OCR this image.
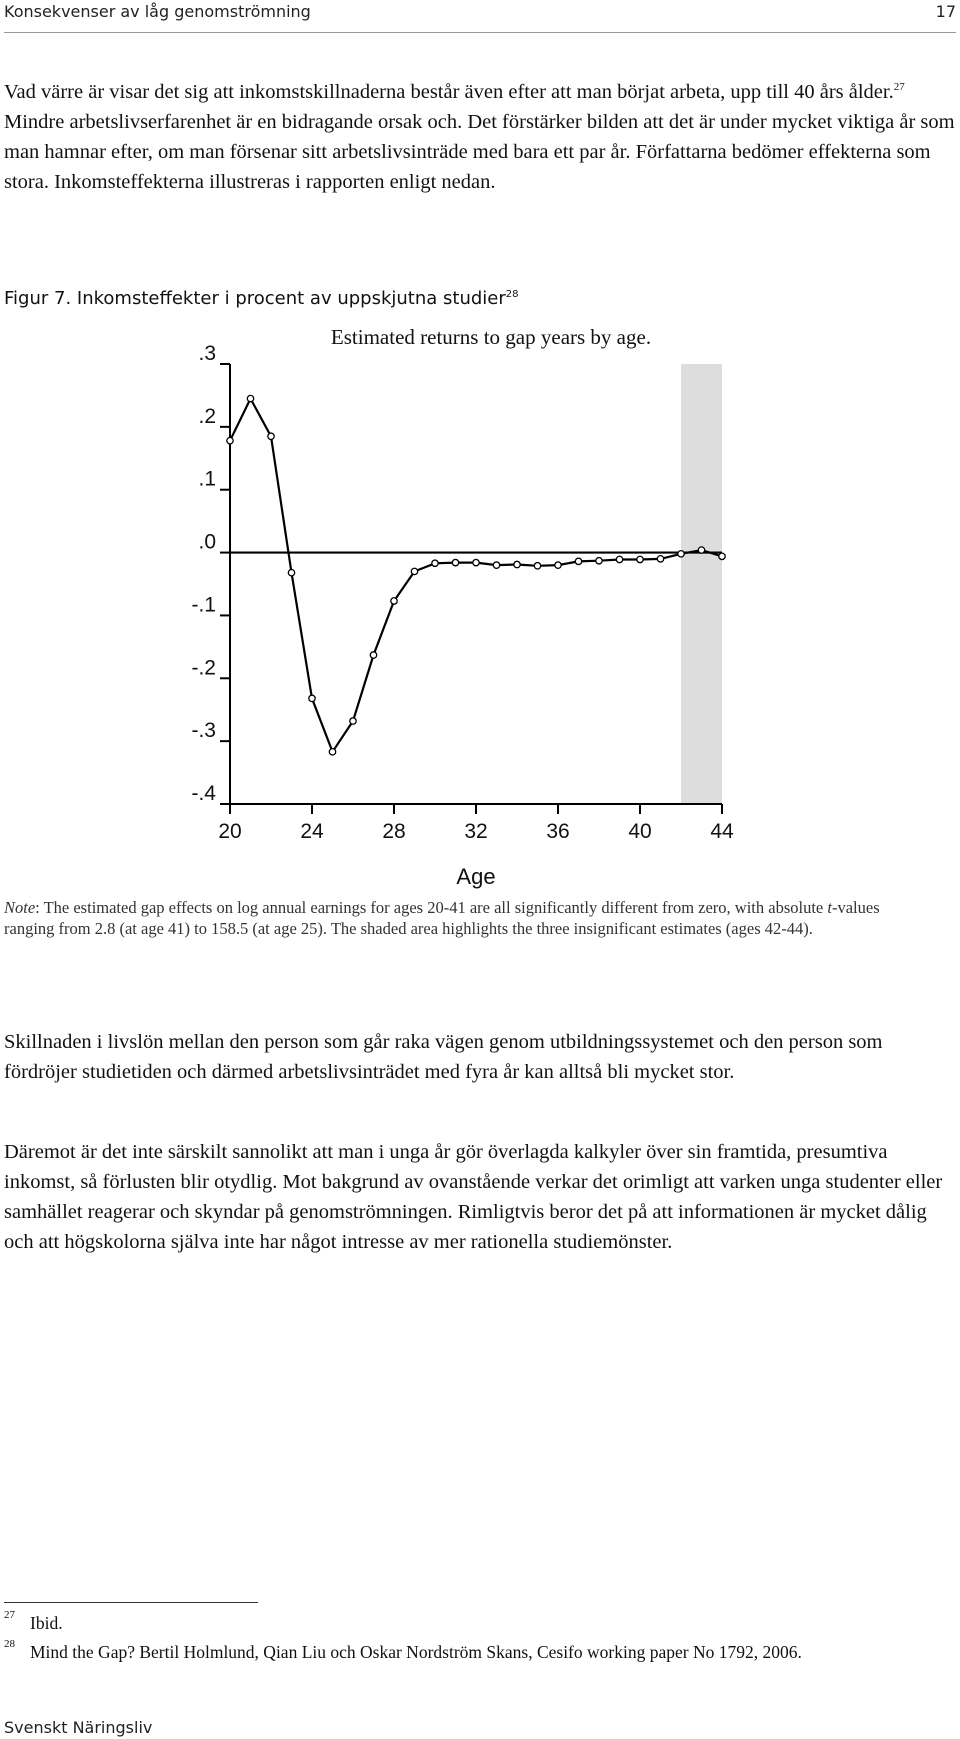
Konsekvenser av låg genomströmning	17
Vad värre är visar det sig att inkomstskillnaderna består även efter att man börjat arbeta, upp till 40 års ålder.$^{27}$ Mindre arbetslivserfarenhet är en bidragande orsak och. Det förstärker bilden att det är under mycket viktiga år som man hamnar efter, om man försenar sitt arbetslivsinträde med bara ett par år. Författarna bedömer effekterna som stora. Inkomsteffekterna illustreras i rapporten enligt nedan.
Figur 7. Inkomsteffekter i procent av uppskjutna studier$^{28}$
Estimated returns to gap years by age.
.3
.2
.1
.0
-.1
-.2
-.3
-.4
20	24	28	32	36	40	44
Age
Note: The estimated gap effects on log annual earnings for ages 20-41 are all significantly different from zero, with absolute t-values ranging from 2.8 (at age 41) to 158.5 (at age 25). The shaded area highlights the three insignificant estimates (ages 42-44).
Skillnaden i livslön mellan den person som går raka vägen genom utbildningssystemet och den person som fördröjer studietiden och därmed arbetslivsinträdet med fyra år kan alltså bli mycket stor.
Däremot är det inte särskilt sannolikt att man i unga år gör överlagda kalkyler över sin framtida, presumtiva inkomst, så förlusten blir otydlig. Mot bakgrund av ovanstående verkar det orimligt att varken unga studenter eller samhället reagerar och skyndar på genomströmningen. Rimligtvis beror det på att informationen är mycket dålig och att högskolorna själva inte har något intresse av mer rationella studiemönster.
27 Ibid.
28 Mind the Gap? Bertil Holmlund, Qian Liu och Oskar Nordström Skans, Cesifo working paper No 1792, 2006.
Svenskt Näringsliv
